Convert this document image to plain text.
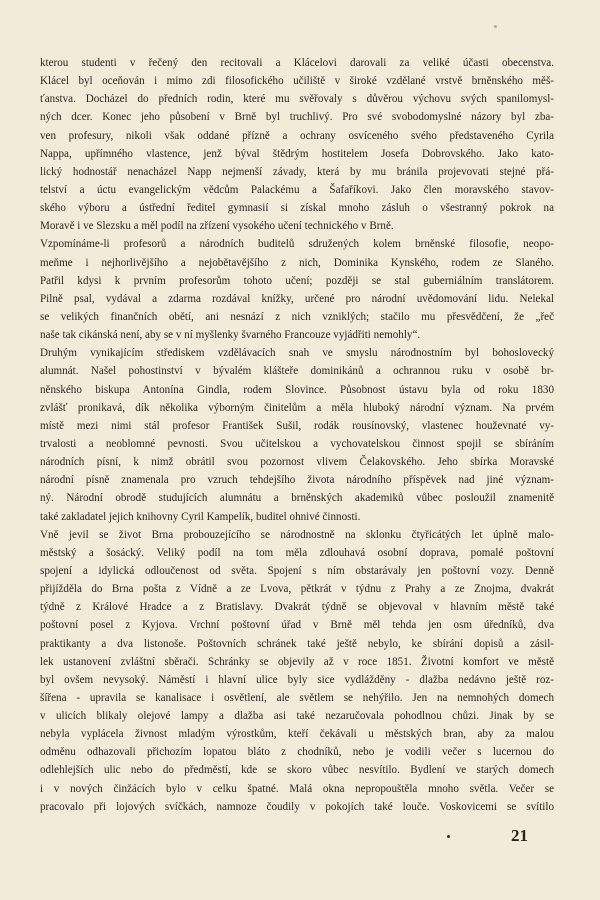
kterou studenti v řečený den recitovali a Klácelovi darovali za veliké účasti obecenstva.
Klácel byl oceňován i mimo zdi filosofického učiliště v široké vzdělané vrstvě brněnského měš-
ťanstva. Docházel do předních rodin, které mu svěřovaly s důvěrou výchovu svých spanilomysl-
ných dcer. Konec jeho působení v Brně byl truchlivý. Pro své svobodomyslné názory byl zba-
ven profesury, nikoli však oddané přízně a ochrany osvíceného svého představeného Cyrila
Nappa, upřímného vlastence, jenž býval štědrým hostitelem Josefa Dobrovského. Jako kato-
lický hodnostář nenacházel Napp nejmenší závady, která by mu bránila projevovati stejné přá-
telství a úctu evangelickým vědcům Palackému a Šafaříkovi. Jako člen moravského stavov-
ského výboru a ústřední ředitel gymnasií si získal mnoho zásluh o všestranný pokrok na
Moravě i ve Slezsku a měl podíl na zřízení vysokého učení technického v Brně.
Vzpomínáme-li profesorů a národních buditelů sdružených kolem brněnské filosofie, neopo-
meňme i nejhorlivějšího a nejobětavějšího z nich, Dominika Kynského, rodem ze Slaného.
Patřil kdysi k prvním profesorům tohoto učení; později se stal guberniálním translátorem.
Pilně psal, vydával a zdarma rozdával knížky, určené pro národní uvědomování lidu. Nelekal
se velikých finančních obětí, ani nesnází z nich vzniklých; stačilo mu přesvědčení, že „řeč
naše tak cikánská není, aby se v ní myšlenky švarného Francouze vyjádřiti nemohly“.
Druhým vynikajícím střediskem vzdělávacích snah ve smyslu národnostním byl bohoslovecký
alumnát. Našel pohostinství v bývalém klášteře dominikánů a ochrannou ruku v osobě br-
něnského biskupa Antonína Gindla, rodem Slovince. Působnost ústavu byla od roku 1830
zvlášť pronikavá, dík několika výborným činitelům a měla hluboký národní význam. Na prvém
místě mezi nimi stál profesor František Sušil, rodák rousínovský, vlastenec houževnaté vy-
trvalosti a neoblomné pevnosti. Svou učitelskou a vychovatelskou činnost spojil se sbíráním
národních písní, k nimž obrátil svou pozornost vlivem Čelakovského. Jeho sbírka Moravské
národní písně znamenala pro vzruch tehdejšího života národního příspěvek nad jiné význam-
ný. Národní obrodě studujících alumnátu a brněnských akademiků vůbec posloužil znamenitě
také zakladatel jejich knihovny Cyril Kampelík, buditel ohnivé činnosti.
Vně jevil se život Brna probouzejícího se národnostně na sklonku čtyřicátých let úplně malo-
městský a šosácký. Veliký podíl na tom měla zdlouhavá osobní doprava, pomalé poštovní
spojení a idylická odloučenost od světa. Spojení s ním obstarávaly jen poštovní vozy. Denně
přijížděla do Brna pošta z Vídně a ze Lvova, pětkrát v týdnu z Prahy a ze Znojma, dvakrát
týdně z Králové Hradce a z Bratislavy. Dvakrát týdně se objevoval v hlavním městě také
poštovní posel z Kyjova. Vrchní poštovní úřad v Brně měl tehda jen osm úředníků, dva
praktikanty a dva listonoše. Poštovních schránek také ještě nebylo, ke sbírání dopisů a zásil-
lek ustanovení zvláštní sběrači. Schránky se objevily až v roce 1851. Životní komfort ve městě
byl ovšem nevysoký. Náměstí i hlavní ulice byly sice vydlážděny - dlažba nedávno ještě roz-
šířena - upravila se kanalisace i osvětlení, ale světlem se nehýřilo. Jen na nemnohých domech
v ulicích blikaly olejové lampy a dlažba asi také nezaručovala pohodlnou chůzi. Jinak by se
nebyla vyplácela živnost mladým výrostkům, kteří čekávali u městských bran, aby za malou
odměnu odhazovali přichozím lopatou bláto z chodníků, nebo je vodili večer s lucernou do
odlehlejších ulic nebo do předměstí, kde se skoro vůbec nesvítilo. Bydlení ve starých domech
i v nových činžácích bylo v celku špatné. Malá okna nepropouštěla mnoho světla. Večer se
pracovalo při lojových svíčkách, namnoze čoudily v pokojích také louče. Voskovicemi se svítilo
21
